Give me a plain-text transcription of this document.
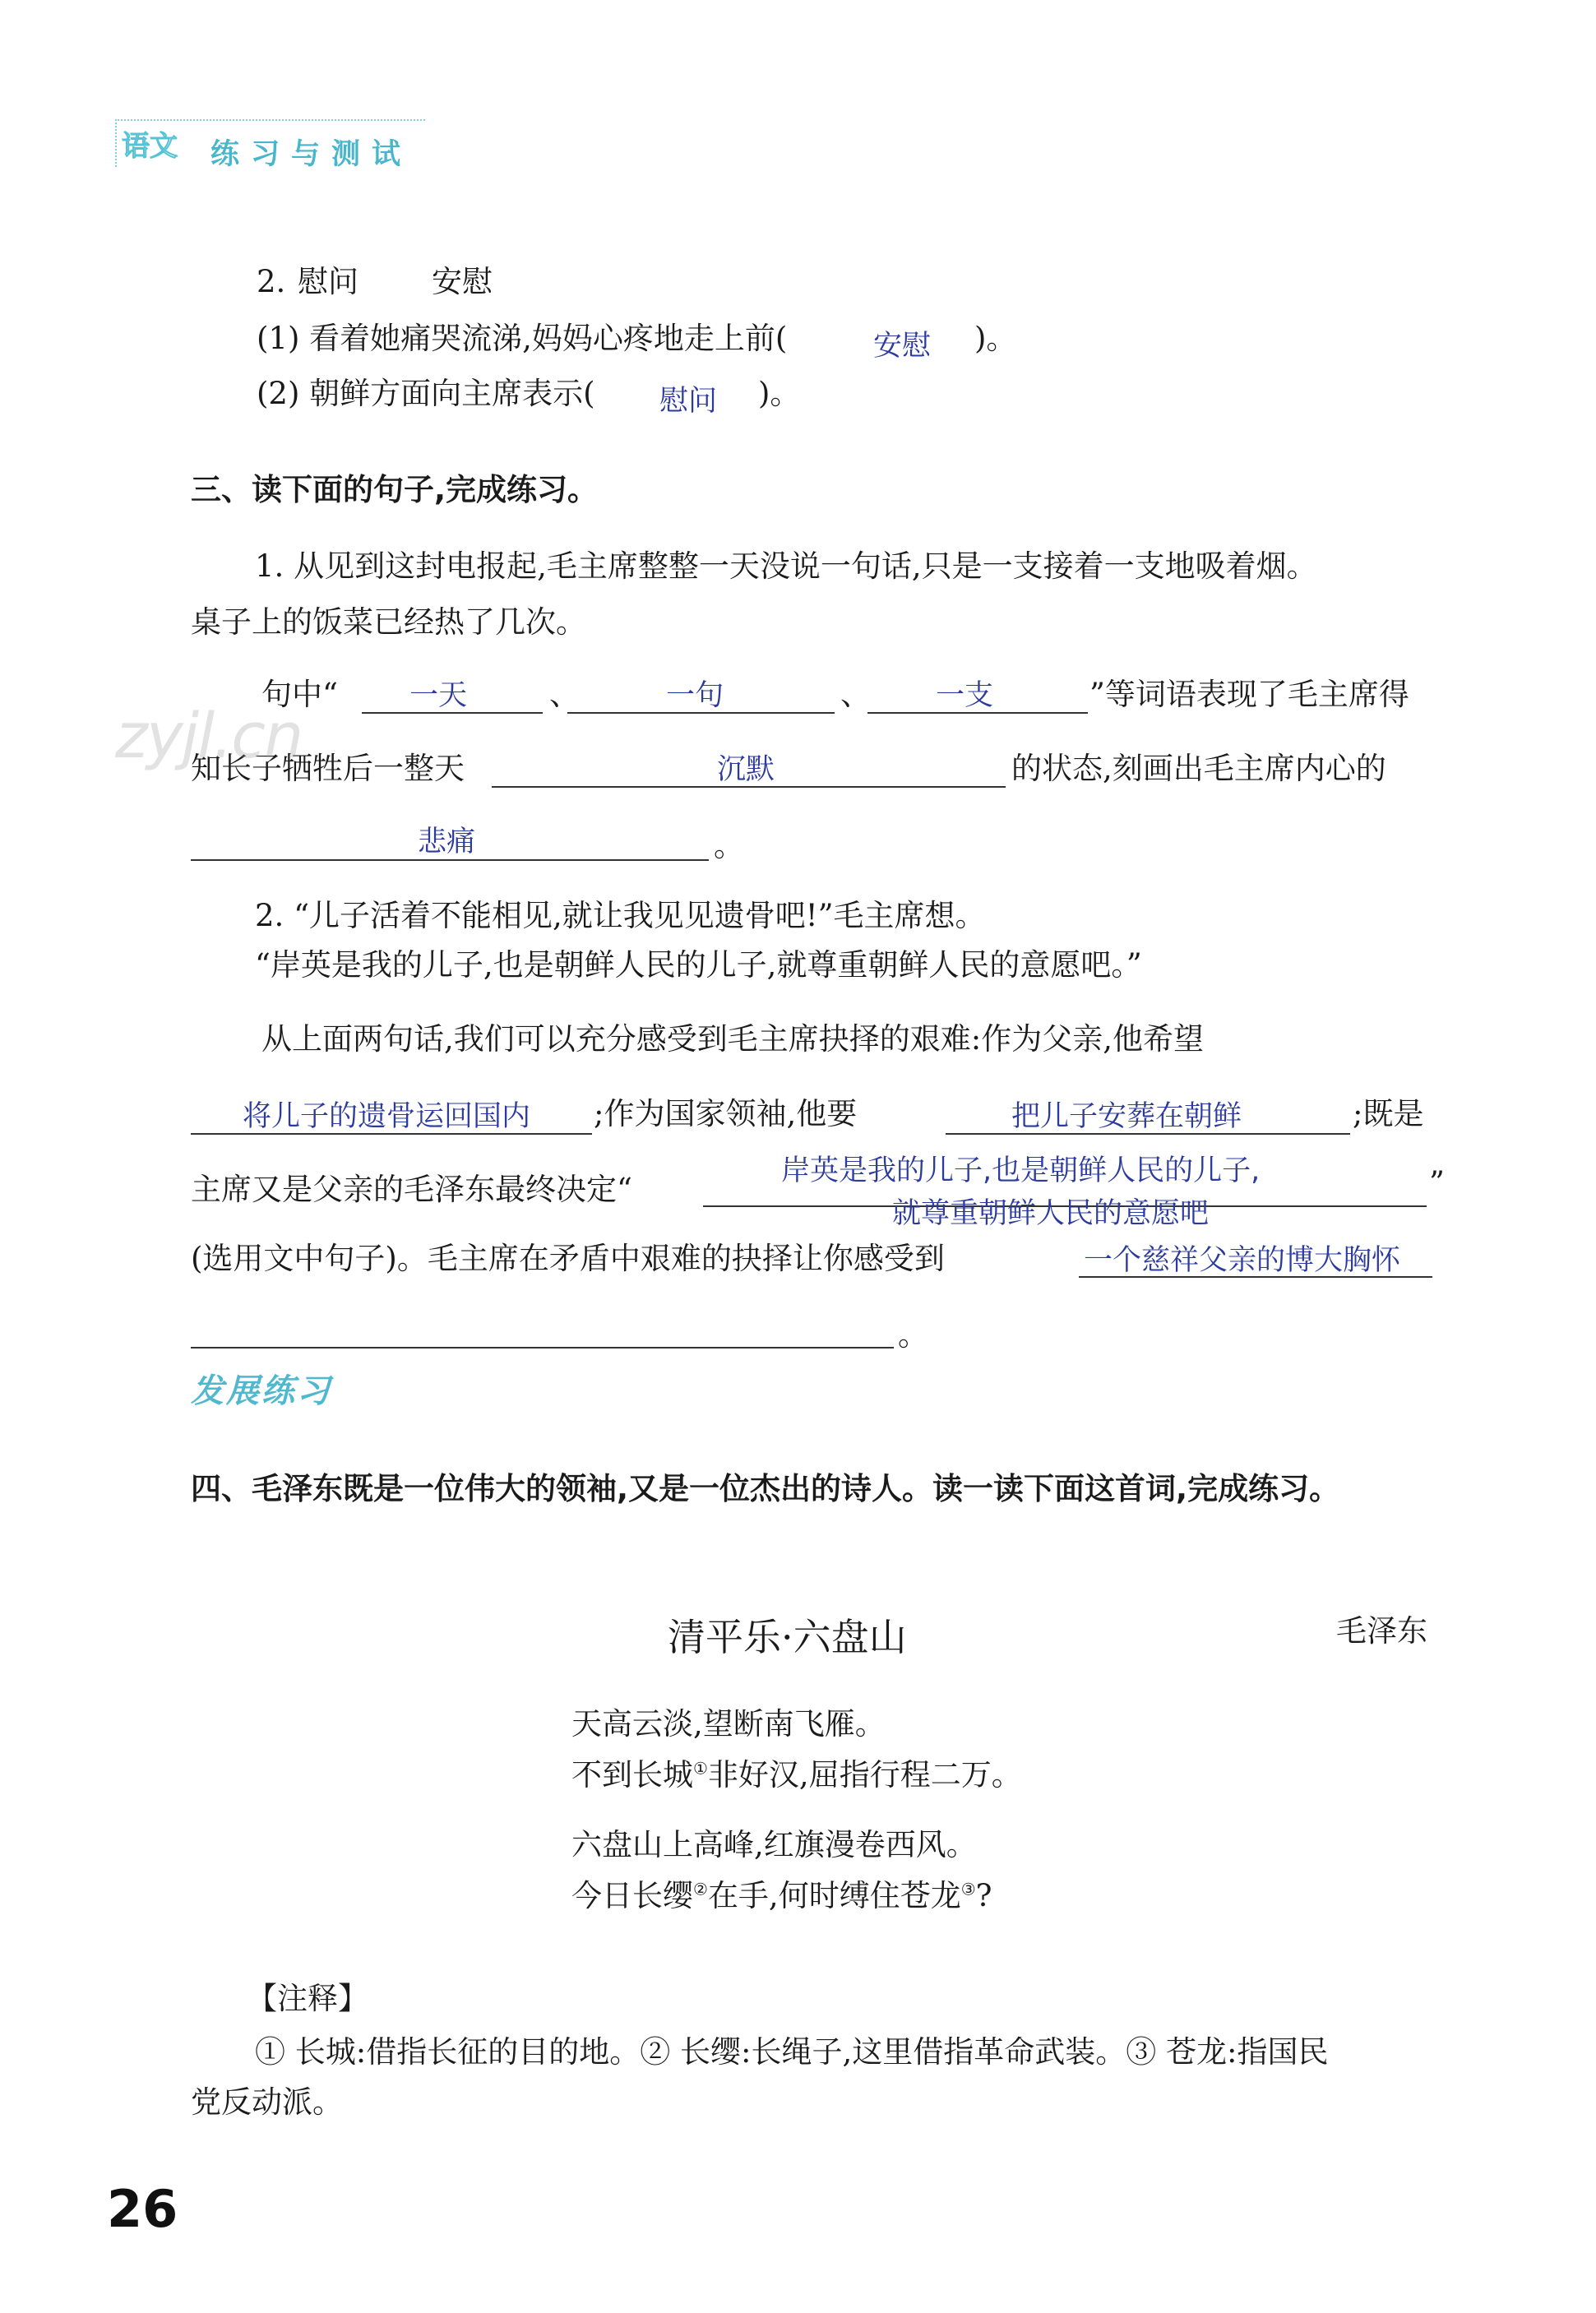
语文 练习与测试
2. 慰问 安慰
(1) 看着她痛哭流涕,妈妈心疼地走上前(	安慰 )。
(2) 朝鲜方面向主席表示( 慰问 )。
三、读下面的句子,完成练习。
1. 从见到这封电报起,毛主席整整一天没说一句话,只是一支接着一支地吸着烟。
桌子上的饭菜已经热了几次。
句中“ 一天	、	一句	、 一支	”等词语表现了毛主席得
知长子牺牲后一整天	沉默	的状态,刻画出毛主席内心的
悲痛	。
2. “儿子活着不能相见,就让我见见遗骨吧!”毛主席想。
“岸英是我的儿子,也是朝鲜人民的儿子,就尊重朝鲜人民的意愿吧。”
从上面两句话,我们可以充分感受到毛主席抉择的艰难:作为父亲,他希望
将儿子的遗骨运回国内 ;作为国家领袖,他要	把儿子安葬在朝鲜	;既是
主席又是父亲的毛泽东最终决定“
岸英是我的儿子,也是朝鲜人民的儿子,
就尊重朝鲜人民的意愿吧
”
(选用文中句子)。毛主席在矛盾中艰难的抉择让你感受到	一个慈祥父亲的博大胸怀
。
发展练习
四、毛泽东既是一位伟大的领袖,又是一位杰出的诗人。读一读下面这首词,完成练习。
清平乐·六盘山	毛泽东
天高云淡,望断南飞雁。
不到长城①非好汉,屈指行程二万。
六盘山上高峰,红旗漫卷西风。
今日长缨②在手,何时缚住苍龙③?
【注释】
① 长城:借指长征的目的地。② 长缨:长绳子,这里借指革命武装。③ 苍龙:指国民
党反动派。
zyjl.cn
26
